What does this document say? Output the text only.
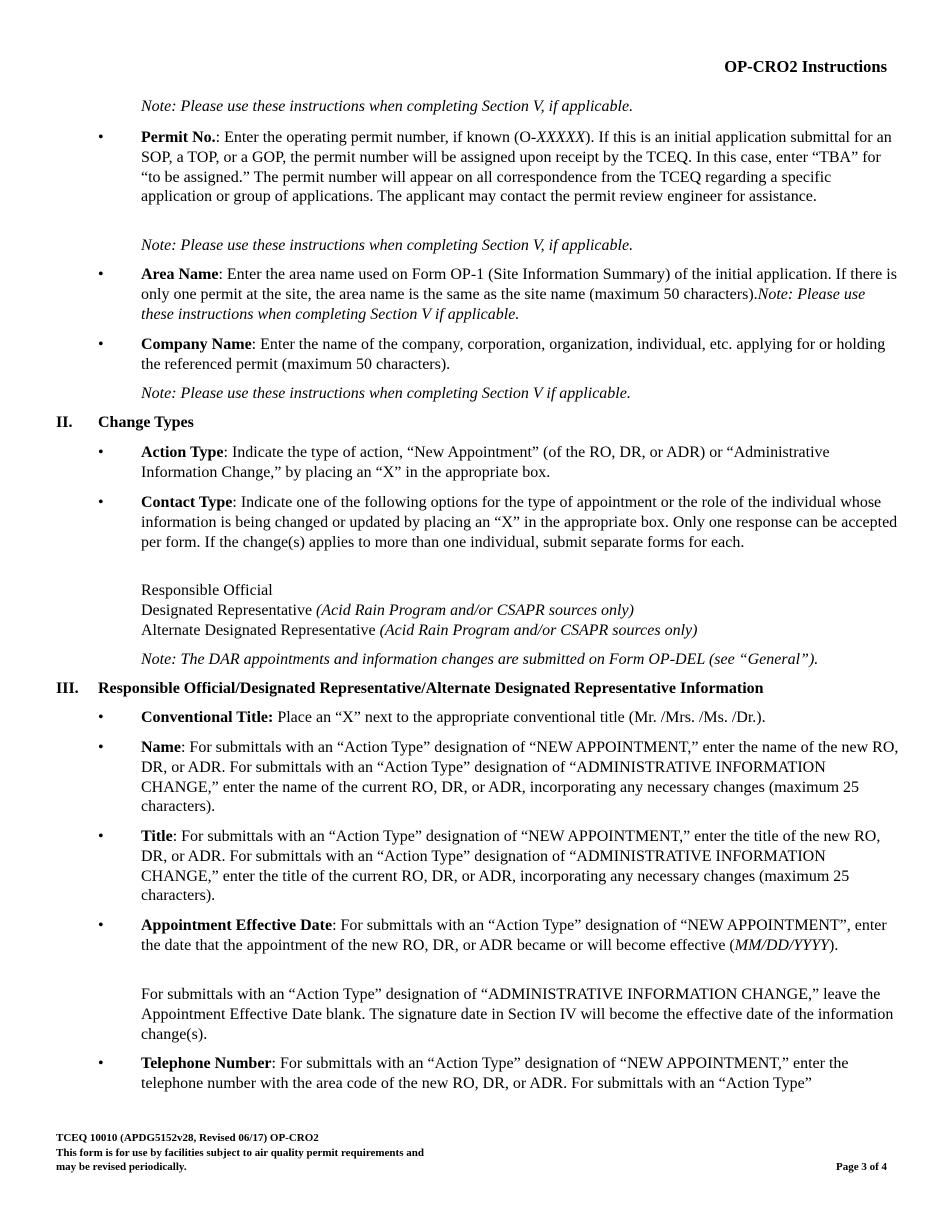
OP-CRO2 Instructions
Note: Please use these instructions when completing Section V, if applicable.
• Permit No.: Enter the operating permit number, if known (O-XXXXX). If this is an initial application submittal for an SOP, a TOP, or a GOP, the permit number will be assigned upon receipt by the TCEQ. In this case, enter “TBA” for “to be assigned.” The permit number will appear on all correspondence from the TCEQ regarding a specific application or group of applications. The applicant may contact the permit review engineer for assistance.
Note: Please use these instructions when completing Section V, if applicable.
• Area Name: Enter the area name used on Form OP-1 (Site Information Summary) of the initial application. If there is only one permit at the site, the area name is the same as the site name (maximum 50 characters).Note: Please use these instructions when completing Section V if applicable.
• Company Name: Enter the name of the company, corporation, organization, individual, etc. applying for or holding the referenced permit (maximum 50 characters).
Note: Please use these instructions when completing Section V if applicable.
II. Change Types
• Action Type: Indicate the type of action, “New Appointment” (of the RO, DR, or ADR) or “Administrative Information Change,” by placing an “X” in the appropriate box.
• Contact Type: Indicate one of the following options for the type of appointment or the role of the individual whose information is being changed or updated by placing an “X” in the appropriate box. Only one response can be accepted per form. If the change(s) applies to more than one individual, submit separate forms for each.
Responsible Official
Designated Representative (Acid Rain Program and/or CSAPR sources only)
Alternate Designated Representative (Acid Rain Program and/or CSAPR sources only)
Note: The DAR appointments and information changes are submitted on Form OP-DEL (see “General”).
III. Responsible Official/Designated Representative/Alternate Designated Representative Information
• Conventional Title: Place an “X” next to the appropriate conventional title (Mr. /Mrs. /Ms. /Dr.).
• Name: For submittals with an “Action Type” designation of “NEW APPOINTMENT,” enter the name of the new RO, DR, or ADR. For submittals with an “Action Type” designation of “ADMINISTRATIVE INFORMATION CHANGE,” enter the name of the current RO, DR, or ADR, incorporating any necessary changes (maximum 25 characters).
• Title: For submittals with an “Action Type” designation of “NEW APPOINTMENT,” enter the title of the new RO, DR, or ADR. For submittals with an “Action Type” designation of “ADMINISTRATIVE INFORMATION CHANGE,” enter the title of the current RO, DR, or ADR, incorporating any necessary changes (maximum 25 characters).
• Appointment Effective Date: For submittals with an “Action Type” designation of “NEW APPOINTMENT”, enter the date that the appointment of the new RO, DR, or ADR became or will become effective (MM/DD/YYYY).
For submittals with an “Action Type” designation of “ADMINISTRATIVE INFORMATION CHANGE,” leave the Appointment Effective Date blank. The signature date in Section IV will become the effective date of the information change(s).
• Telephone Number: For submittals with an “Action Type” designation of “NEW APPOINTMENT,” enter the telephone number with the area code of the new RO, DR, or ADR. For submittals with an “Action Type”
TCEQ 10010 (APDG5152v28, Revised 06/17) OP-CRO2
This form is for use by facilities subject to air quality permit requirements and
may be revised periodically.	Page 3 of 4
